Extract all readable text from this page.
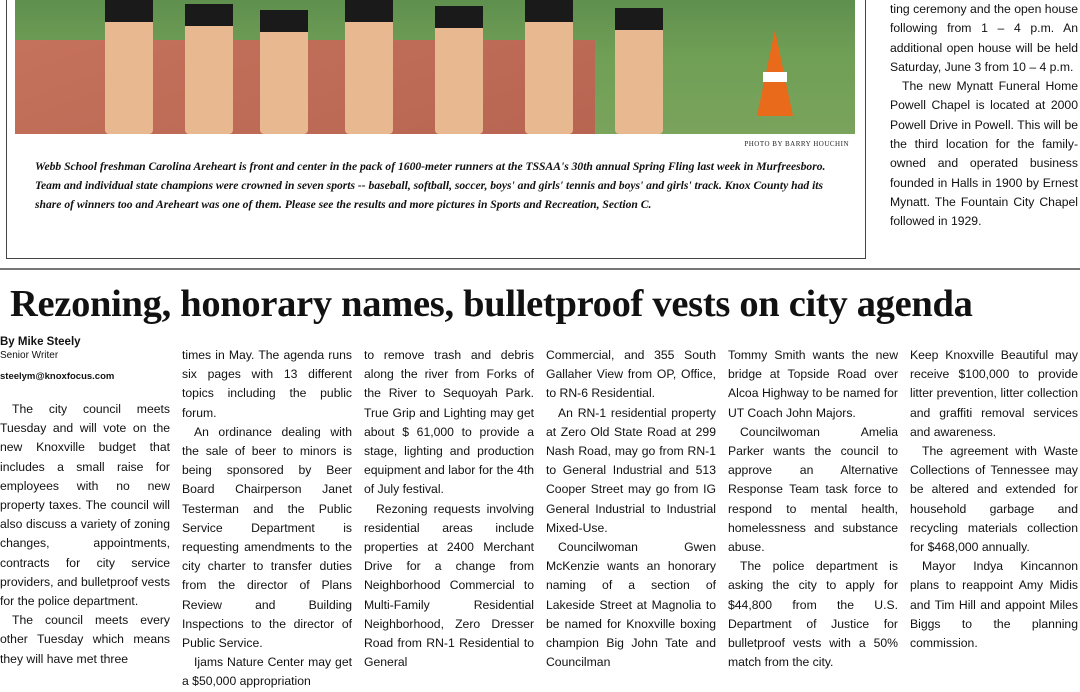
PHOTO BY BARRY HOUCHIN
Webb School freshman Carolina Areheart is front and center in the pack of 1600-meter runners at the TSSAA's 30th annual Spring Fling last week in Murfreesboro. Team and individual state champions were crowned in seven sports -- baseball, softball, soccer, boys' and girls' tennis and boys' and girls' track. Knox County had its share of winners too and Areheart was one of them. Please see the results and more pictures in Sports and Recreation, Section C.

ting ceremony and the open house following from 1 – 4 p.m. An additional open house will be held Saturday, June 3 from 10 – 4 p.m.

The new Mynatt Funeral Home Powell Chapel is located at 2000 Powell Drive in Powell. This will be the third location for the family-owned and operated business founded in Halls in 1900 by Ernest Mynatt. The Fountain City Chapel followed in 1929.

Rezoning, honorary names, bulletproof vests on city agenda
By Mike Steely
Senior Writer
steelym@knoxfocus.com

The city council meets Tuesday and will vote on the new Knoxville budget that includes a small raise for employees with no new property taxes. The council will also discuss a variety of zoning changes, appointments, contracts for city service providers, and bulletproof vests for the police department.

The council meets every other Tuesday which means they will have met three

times in May. The agenda runs six pages with 13 different topics including the public forum.

An ordinance dealing with the sale of beer to minors is being sponsored by Beer Board Chairperson Janet Testerman and the Public Service Department is requesting amendments to the city charter to transfer duties from the director of Plans Review and Building Inspections to the director of Public Service.

Ijams Nature Center may get a $50,000 appropriation

to remove trash and debris along the river from Forks of the River to Sequoyah Park. True Grip and Lighting may get about $ 61,000 to provide a stage, lighting and production equipment and labor for the 4th of July festival.

Rezoning requests involving residential areas include properties at 2400 Merchant Drive for a change from Neighborhood Commercial to Multi-Family Residential Neighborhood, Zero Dresser Road from RN-1 Residential to General

Commercial, and 355 South Gallaher View from OP, Office, to RN-6 Residential.

An RN-1 residential property at Zero Old State Road at 299 Nash Road, may go from RN-1 to General Industrial and 513 Cooper Street may go from IG General Industrial to Industrial Mixed-Use.

Councilwoman Gwen McKenzie wants an honorary naming of a section of Lakeside Street at Magnolia to be named for Knoxville boxing champion Big John Tate and Councilman

Tommy Smith wants the new bridge at Topside Road over Alcoa Highway to be named for UT Coach John Majors.

Councilwoman Amelia Parker wants the council to approve an Alternative Response Team task force to respond to mental health, homelessness and substance abuse.

The police department is asking the city to apply for $44,800 from the U.S. Department of Justice for bulletproof vests with a 50% match from the city.

Keep Knoxville Beautiful may receive $100,000 to provide litter prevention, litter collection and graffiti removal services and awareness.

The agreement with Waste Collections of Tennessee may be altered and extended for household garbage and recycling materials collection for $468,000 annually.

Mayor Indya Kincannon plans to reappoint Amy Midis and Tim Hill and appoint Miles Biggs to the planning commission.
